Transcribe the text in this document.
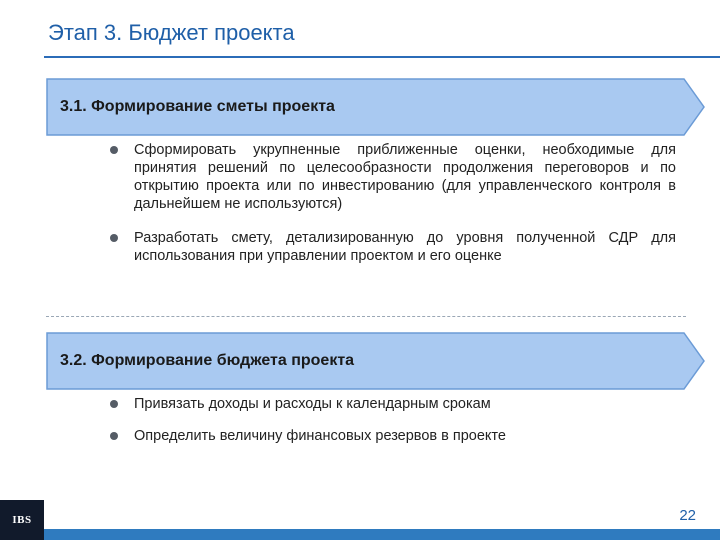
Этап 3. Бюджет проекта
3.1. Формирование сметы проекта
Сформировать укрупненные приближенные оценки, необходимые для принятия решений по целесообразности продолжения переговоров и по открытию проекта или по инвестированию (для управленческого контроля в дальнейшем не используются)
Разработать смету, детализированную до уровня полученной СДР для использования при управлении проектом и его оценке
3.2. Формирование бюджета проекта
Привязать доходы и расходы к календарным срокам
Определить величину финансовых резервов в проекте
IBS	22
